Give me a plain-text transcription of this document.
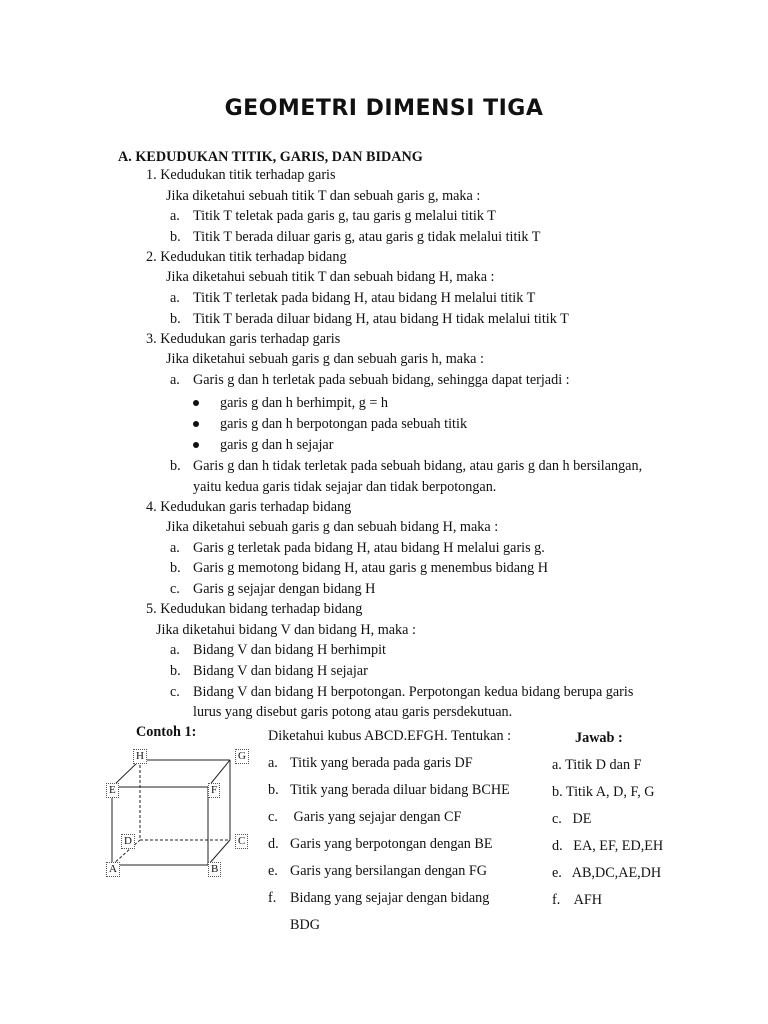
GEOMETRI DIMENSI TIGA
A. KEDUDUKAN TITIK, GARIS, DAN BIDANG
1. Kedudukan titik terhadap garis
Jika diketahui sebuah titik T dan sebuah garis g, maka :
a. Titik T teletak pada garis g, tau garis g melalui titik T
b. Titik T berada diluar garis g, atau garis g tidak melalui titik T
2. Kedudukan titik terhadap bidang
Jika diketahui sebuah titik T dan sebuah bidang H, maka :
a. Titik T terletak pada bidang H, atau bidang H melalui titik T
b. Titik T berada diluar bidang H, atau bidang H tidak melalui titik T
3. Kedudukan garis terhadap garis
Jika diketahui sebuah garis g dan sebuah garis h, maka :
a. Garis g dan h terletak pada sebuah bidang, sehingga dapat terjadi :
garis g dan h berhimpit, g = h
garis g dan h berpotongan pada sebuah titik
garis g dan h sejajar
b. Garis g dan h tidak terletak pada sebuah bidang, atau garis g dan h bersilangan,
yaitu kedua garis tidak sejajar dan tidak berpotongan.
4. Kedudukan garis terhadap bidang
Jika diketahui sebuah garis g dan sebuah bidang H, maka :
a. Garis g terletak pada bidang H, atau bidang H melalui garis g.
b. Garis g memotong bidang H, atau garis g menembus bidang H
c. Garis g sejajar dengan bidang H
5. Kedudukan bidang terhadap bidang
Jika diketahui bidang V dan bidang H, maka :
a. Bidang V dan bidang H berhimpit
b. Bidang V dan bidang H sejajar
c. Bidang V dan bidang H berpotongan. Perpotongan kedua bidang berupa garis
lurus yang disebut garis potong atau garis persdekutuan.
Contoh 1:	Diketahui kubus ABCD.EFGH. Tentukan :	Jawab :
H	G
E	F
D	C
A	B
a. Titik yang berada pada garis DF
b. Titik yang berada diluar bidang BCHE
c. Garis yang sejajar dengan CF
d. Garis yang berpotongan dengan BE
e. Garis yang bersilangan dengan FG
f. Bidang yang sejajar dengan bidang
BDG
a. Titik D dan F
b. Titik A, D, F, G
c.   DE
d.   EA, EF, ED,EH
e.   AB,DC,AE,DH
f.    AFH
